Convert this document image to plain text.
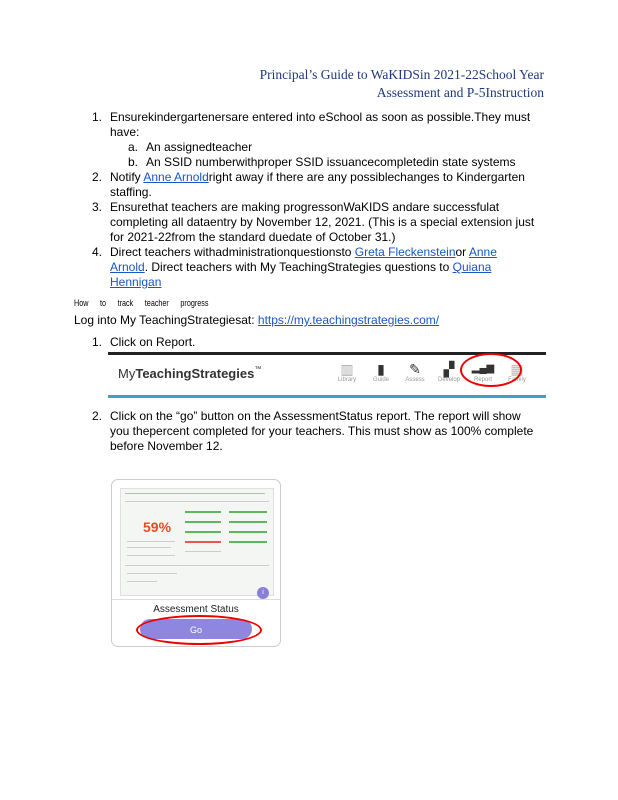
Principal’s Guide to WaKIDSin 2021-22School Year
Assessment and P-5Instruction
1. Ensurekindergartenersare entered into eSchool as soon as possible.They must
have:
a. An assignedteacher
b. An SSID numberwithproper SSID issuancecompletedin state systems
2. Notify Anne Arnoldright away if there are any possiblechanges to Kindergarten
staffing.
3. Ensurethat teachers are making progressonWaKIDS andare successfulat
completing all dataentry by November 12, 2021. (This is a special extension just
for 2021-22from the standard duedate of October 31.)
4. Direct teachers withadministrationquestionsto Greta Fleckensteinor Anne
Arnold. Direct teachers with My TeachingStrategies questions to Quiana
Hennigan
How to track teacher progress
Log into My TeachingStrategiesat: https://my.teachingstrategies.com/
1. Click on Report.
MyTeachingStrategies™	▥
Library
▮
Guide
✎
Assess
▞
Develop
▂▄▆
Report
▦
Family
2. Click on the “go” button on the AssessmentStatus report. The report will show
you thepercent completed for your teachers. This must show as 100% complete
before November 12.
59%
i
Assessment Status
Go
